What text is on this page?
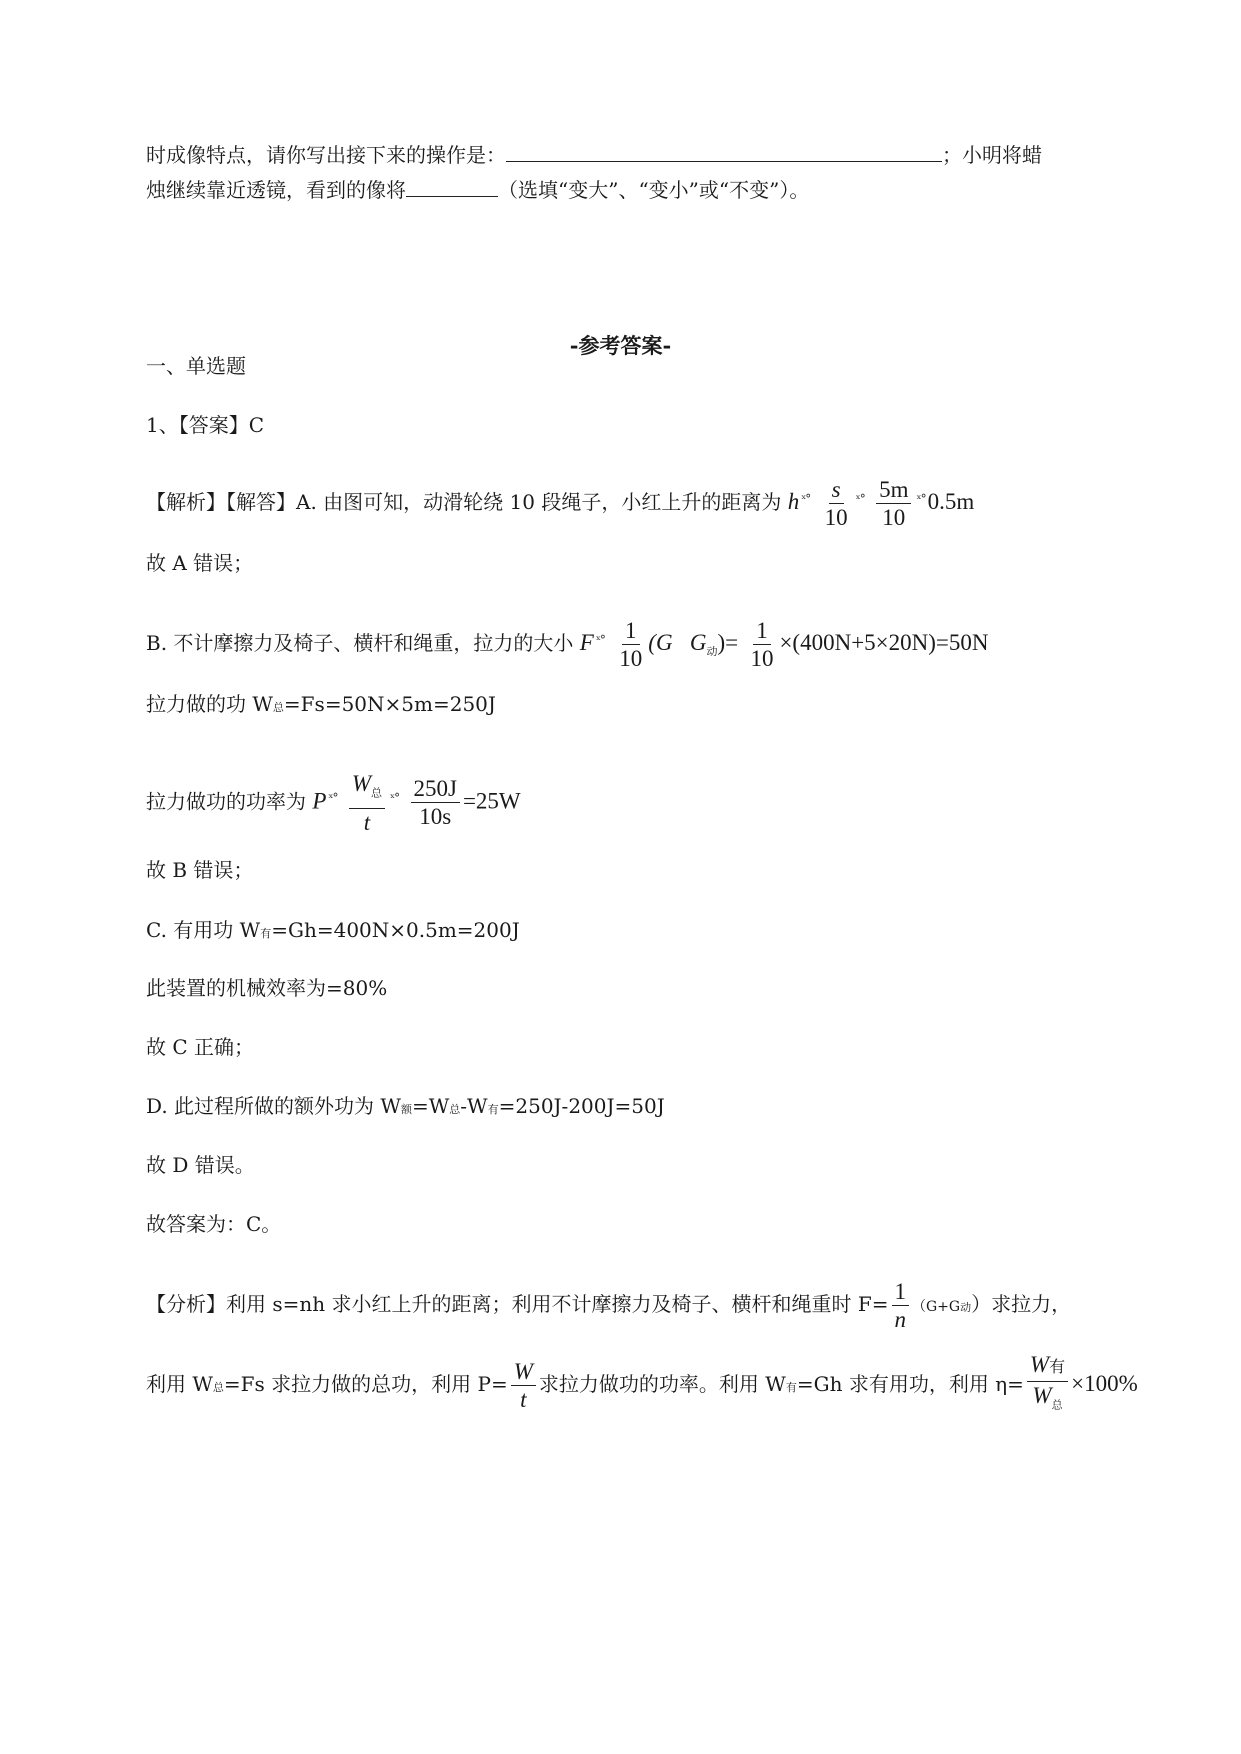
时成像特点，请你写出接下来的操作是：	；小明将蜡
烛继续靠近透镜，看到的像将	（选填“变大”、“变小”或“不变”）。
-参考答案-
一、单选题
1、【答案】C
【解析】【解答】A. 由图可知，动滑轮绕 10 段绳子，小红上升的距离为 h $^{ˣ^\circ} \frac{s}{10} ^{ˣ^\circ} \frac{5m}{10} ^{ˣ^\circ}0.5m$
故 A 错误；
B. 不计摩擦力及椅子、横杆和绳重，拉力的大小 F $^{ˣ^\circ} \frac{1}{10} (G$ $G_动)= \frac{1}{10} \times(400N+5\times 20N)=50N$
拉力做的功 W总=Fs=50N×5m=250J
拉力做功的功率为 P $^{ˣ^\circ} \frac{W_总}{t} ^{ˣ^\circ} \frac{250J}{10s} =25W$
故 B 错误；
C. 有用功 W有=Gh=400N×0.5m=200J
此装置的机械效率为=80%
故 C 正确；
D. 此过程所做的额外功为 W额=W总-W有=250J-200J=50J
故 D 错误。
故答案为：C。
【分析】利用 s=nh 求小红上升的距离；利用不计摩擦力及椅子、横杆和绳重时 $F= \frac{1}{n} (G+G$动）求拉力，
利用 W总=Fs 求拉力做的总功，利用 $P= \frac{W}{t}$ 求拉力做功的功率。利用 W有=Gh 求有用功，利用 $\eta= \frac{\text{W有}}{W_总} \times 100\%$
